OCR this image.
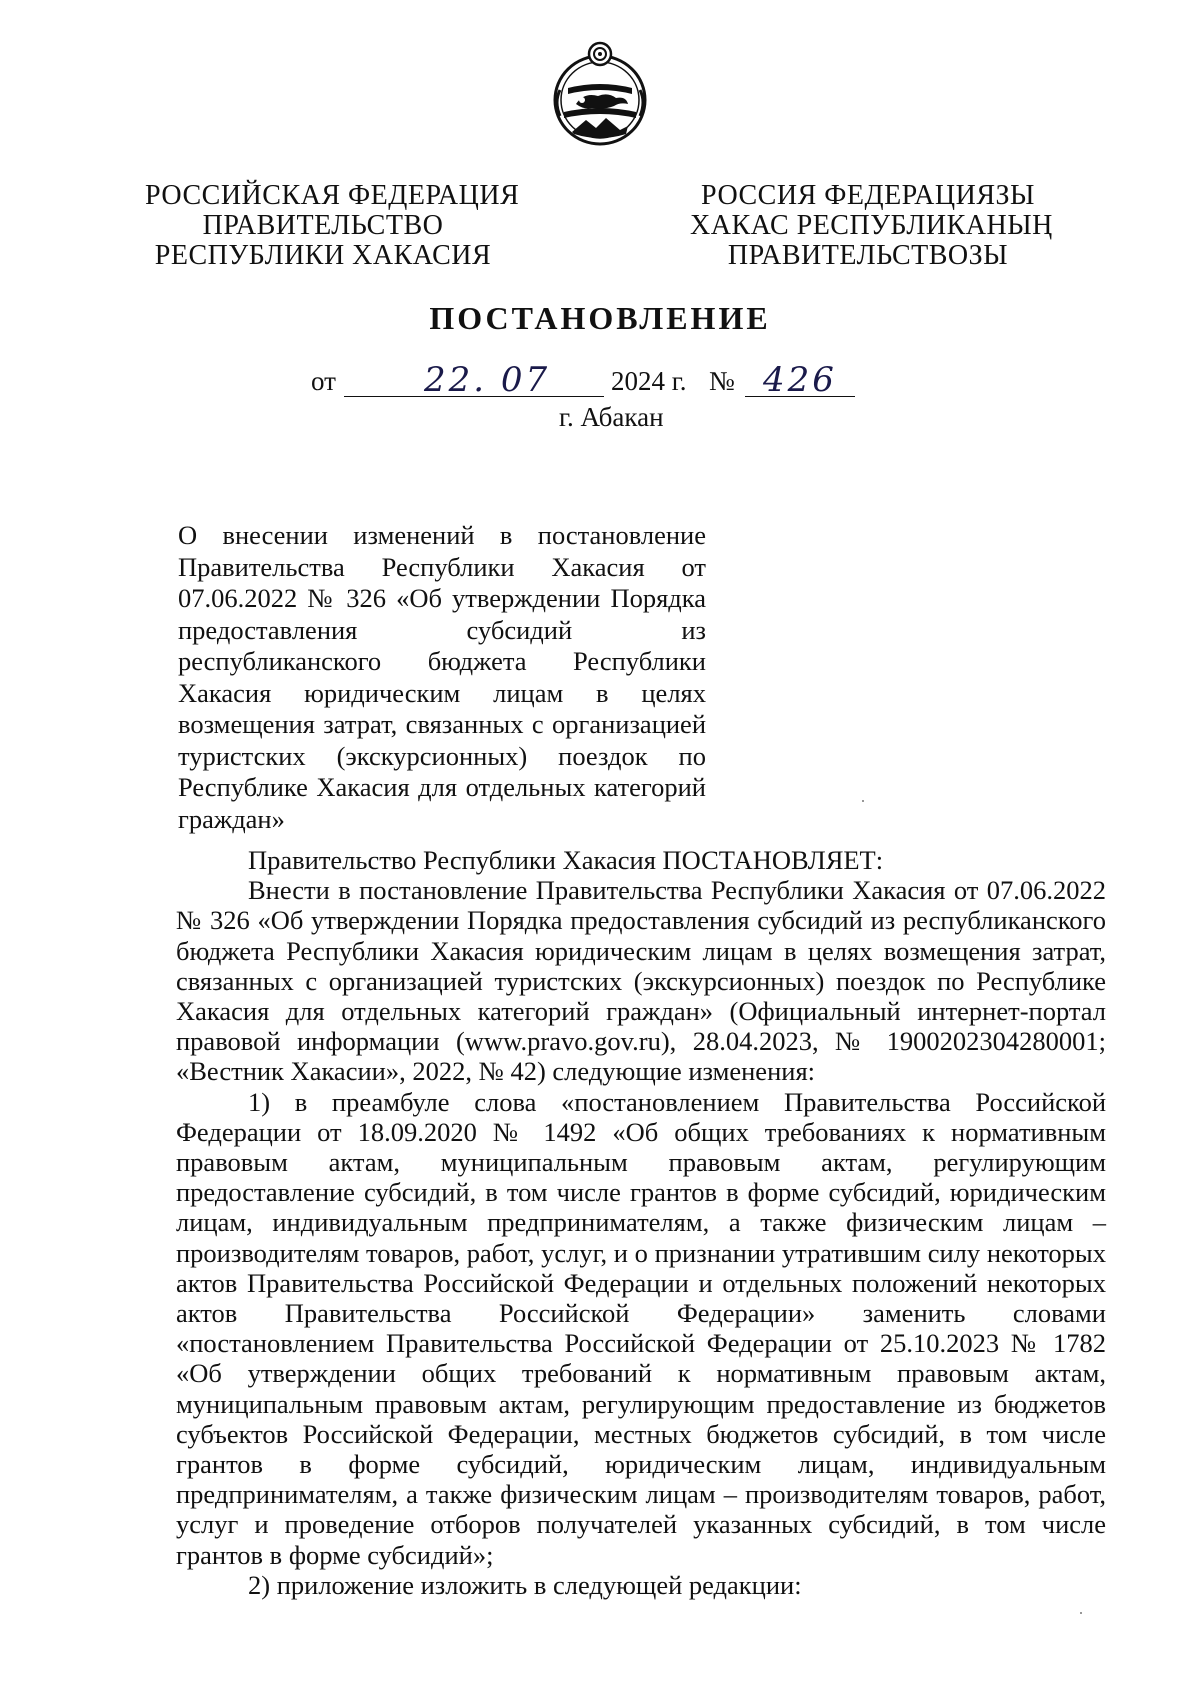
РОССИЙСКАЯ ФЕДЕРАЦИЯ
ПРАВИТЕЛЬСТВО
РЕСПУБЛИКИ ХАКАСИЯ
РОССИЯ ФЕДЕРАЦИЯЗЫ
ХАКАС РЕСПУБЛИКАНЫҢ
ПРАВИТЕЛЬСТВОЗЫ
ПОСТАНОВЛЕНИЕ
от	22. 07 2024 г. № 426
г. Абакан
О внесении изменений в постановление Правительства Республики Хакасия от 07.06.2022 № 326 «Об утверждении Порядка предоставления субсидий из республиканского бюджета Республики Хакасия юридическим лицам в целях возмещения затрат, связанных с организацией туристских (экскурсионных) поездок по Республике Хакасия для отдельных категорий граждан»

Правительство Республики Хакасия ПОСТАНОВЛЯЕТ:

Внести в постановление Правительства Республики Хакасия от 07.06.2022 № 326 «Об утверждении Порядка предоставления субсидий из республиканского бюджета Республики Хакасия юридическим лицам в целях возмещения затрат, связанных с организацией туристских (экскурсионных) поездок по Республике Хакасия для отдельных категорий граждан» (Официальный интернет-портал правовой информации (www.pravo.gov.ru), 28.04.2023, № 1900202304280001; «Вестник Хакасии», 2022, № 42) следующие изменения:

1) в преамбуле слова «постановлением Правительства Российской Федерации от 18.09.2020 № 1492 «Об общих требованиях к нормативным правовым актам, муниципальным правовым актам, регулирующим предоставление субсидий, в том числе грантов в форме субсидий, юридическим лицам, индивидуальным предпринимателям, а также физическим лицам – производителям товаров, работ, услуг, и о признании утратившим силу некоторых актов Правительства Российской Федерации и отдельных положений некоторых актов Правительства Российской Федерации» заменить словами «постановлением Правительства Российской Федерации от 25.10.2023 № 1782 «Об утверждении общих требований к нормативным правовым актам, муниципальным правовым актам, регулирующим предоставление из бюджетов субъектов Российской Федерации, местных бюджетов субсидий, в том числе грантов в форме субсидий, юридическим лицам, индивидуальным предпринимателям, а также физическим лицам – производителям товаров, работ, услуг и проведение отборов получателей указанных субсидий, в том числе грантов в форме субсидий»;

2) приложение изложить в следующей редакции:
